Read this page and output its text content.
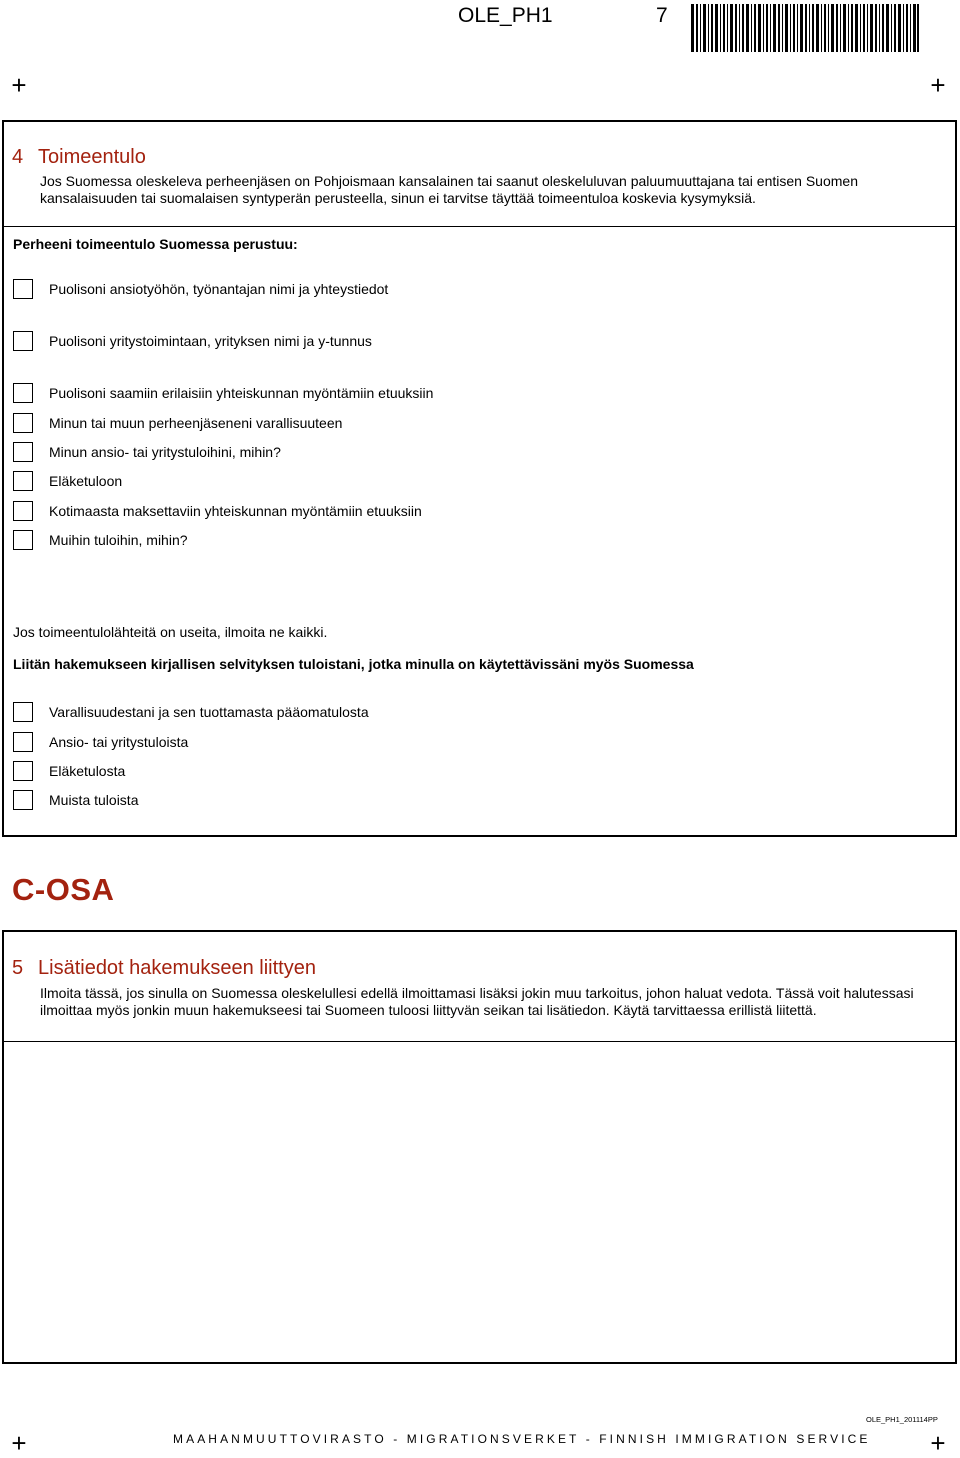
OLE_PH1	7
+	+
4 Toimeentulo
Jos Suomessa oleskeleva perheenjäsen on Pohjoismaan kansalainen tai saanut oleskeluluvan paluumuuttajana tai entisen Suomen kansalaisuuden tai suomalaisen syntyperän perusteella, sinun ei tarvitse täyttää toimeentuloa koskevia kysymyksiä.
Perheeni toimeentulo Suomessa perustuu:
Puolisoni ansiotyöhön, työnantajan nimi ja yhteystiedot
Puolisoni yritystoimintaan, yrityksen nimi ja y-tunnus
Puolisoni saamiin erilaisiin yhteiskunnan myöntämiin etuuksiin
Minun tai muun perheenjäseneni varallisuuteen
Minun ansio- tai yritystuloihini, mihin?
Eläketuloon
Kotimaasta maksettaviin yhteiskunnan myöntämiin etuuksiin
Muihin tuloihin, mihin?
Jos toimeentulolähteitä on useita, ilmoita ne kaikki.
Liitän hakemukseen kirjallisen selvityksen tuloistani, jotka minulla on käytettävissäni myös Suomessa
Varallisuudestani ja sen tuottamasta pääomatulosta
Ansio- tai yritystuloista
Eläketulosta
Muista tuloista
C-OSA
5 Lisätiedot hakemukseen liittyen
Ilmoita tässä, jos sinulla on Suomessa oleskelullesi edellä ilmoittamasi lisäksi jokin muu tarkoitus, johon haluat vedota. Tässä voit halutessasi ilmoittaa myös jonkin muun hakemukseesi tai Suomeen tuloosi liittyvän seikan tai lisätiedon. Käytä tarvittaessa erillistä liitettä.
OLE_PH1_201114PP
+	MAAHANMUUTTOVIRASTO - MIGRATIONSVERKET - FINNISH IMMIGRATION SERVICE +
